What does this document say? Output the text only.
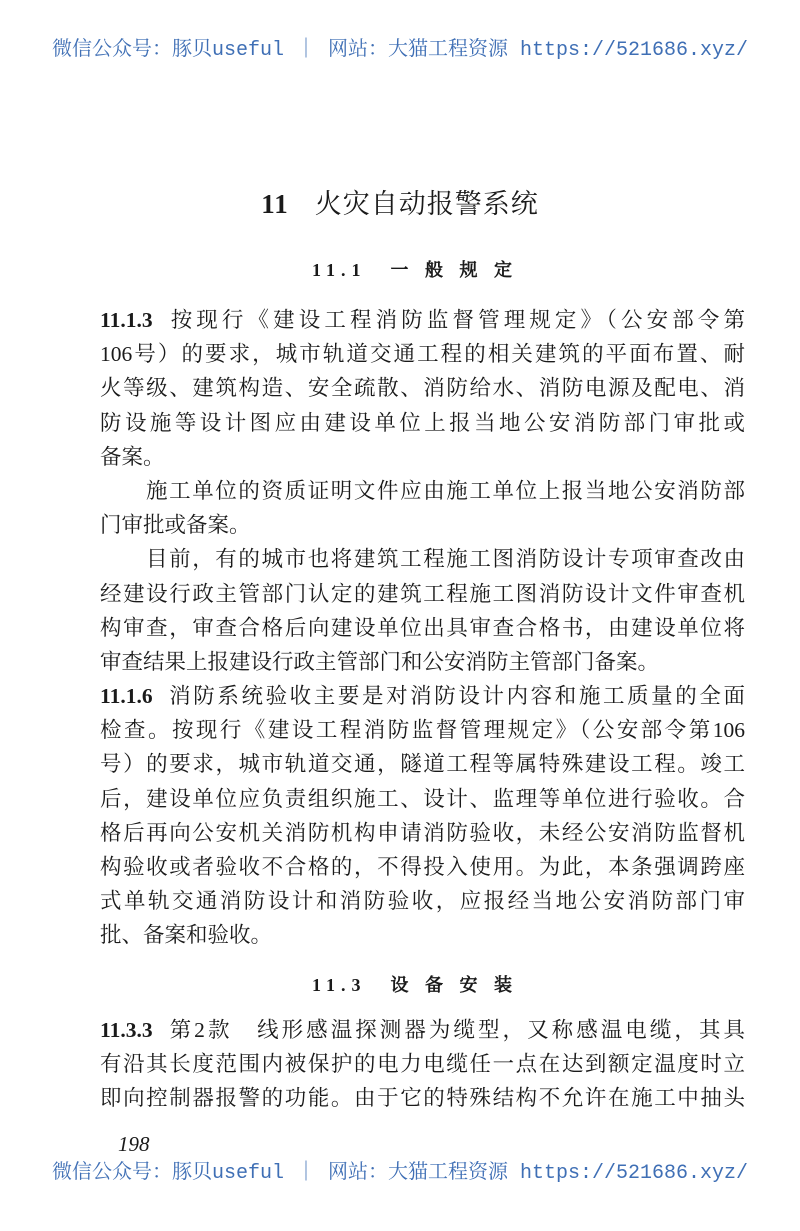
微信公众号：豚贝useful ｜ 网站：大猫工程资源 https://521686.xyz/
11 火灾自动报警系统
11.1　一 般 规 定
11.1.3 按现行《建设工程消防监督管理规定》（公安部令第
106号）的要求，城市轨道交通工程的相关建筑的平面布置、耐
火等级、建筑构造、安全疏散、消防给水、消防电源及配电、消
防设施等设计图应由建设单位上报当地公安消防部门审批或
备案。
施工单位的资质证明文件应由施工单位上报当地公安消防部
门审批或备案。
目前，有的城市也将建筑工程施工图消防设计专项审查改由
经建设行政主管部门认定的建筑工程施工图消防设计文件审查机
构审查，审查合格后向建设单位出具审查合格书，由建设单位将
审查结果上报建设行政主管部门和公安消防主管部门备案。
11.1.6 消防系统验收主要是对消防设计内容和施工质量的全面
检查。按现行《建设工程消防监督管理规定》（公安部令第106
号）的要求，城市轨道交通，隧道工程等属特殊建设工程。竣工
后，建设单位应负责组织施工、设计、监理等单位进行验收。合
格后再向公安机关消防机构申请消防验收，未经公安消防监督机
构验收或者验收不合格的，不得投入使用。为此，本条强调跨座
式单轨交通消防设计和消防验收，应报经当地公安消防部门审
批、备案和验收。
11.3　设 备 安 装
11.3.3 第2款　线形感温探测器为缆型，又称感温电缆，其具
有沿其长度范围内被保护的电力电缆任一点在达到额定温度时立
即向控制器报警的功能。由于它的特殊结构不允许在施工中抽头
198
微信公众号：豚贝useful ｜ 网站：大猫工程资源 https://521686.xyz/
